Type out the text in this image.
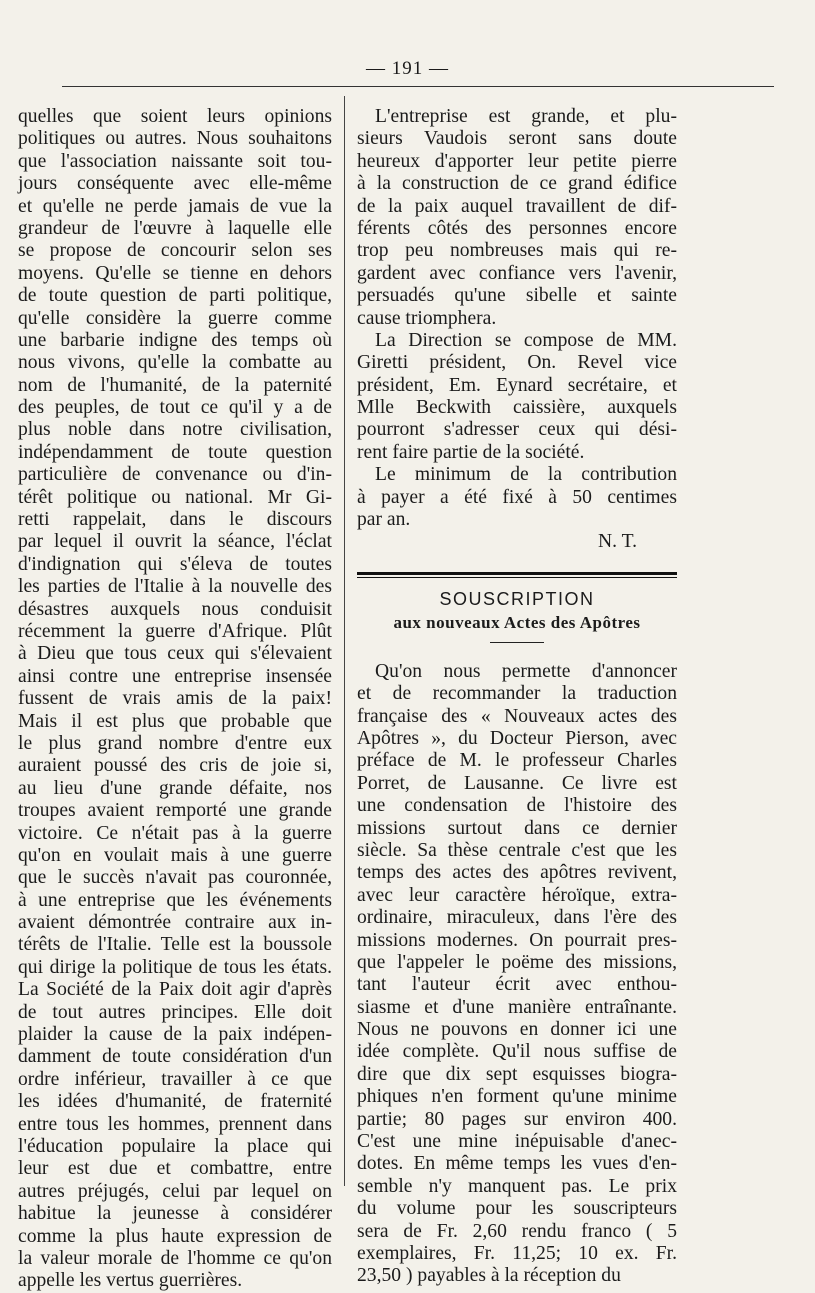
— 191 —
quelles que soient leurs opinions
politiques ou autres. Nous souhaitons
que l'association naissante soit tou-
jours conséquente avec elle-même
et qu'elle ne perde jamais de vue la
grandeur de l'œuvre à laquelle elle
se propose de concourir selon ses
moyens. Qu'elle se tienne en dehors
de toute question de parti politique,
qu'elle considère la guerre comme
une barbarie indigne des temps où
nous vivons, qu'elle la combatte au
nom de l'humanité, de la paternité
des peuples, de tout ce qu'il y a de
plus noble dans notre civilisation,
indépendamment de toute question
particulière de convenance ou d'in-
térêt politique ou national. Mr Gi-
retti rappelait, dans le discours
par lequel il ouvrit la séance, l'éclat
d'indignation qui s'éleva de toutes
les parties de l'Italie à la nouvelle des
désastres auxquels nous conduisit
récemment la guerre d'Afrique. Plût
à Dieu que tous ceux qui s'élevaient
ainsi contre une entreprise insensée
fussent de vrais amis de la paix!
Mais il est plus que probable que
le plus grand nombre d'entre eux
auraient poussé des cris de joie si,
au lieu d'une grande défaite, nos
troupes avaient remporté une grande
victoire. Ce n'était pas à la guerre
qu'on en voulait mais à une guerre
que le succès n'avait pas couronnée,
à une entreprise que les événements
avaient démontrée contraire aux in-
térêts de l'Italie. Telle est la boussole
qui dirige la politique de tous les états.
La Société de la Paix doit agir d'après
de tout autres principes. Elle doit
plaider la cause de la paix indépen-
damment de toute considération d'un
ordre inférieur, travailler à ce que
les idées d'humanité, de fraternité
entre tous les hommes, prennent dans
l'éducation populaire la place qui
leur est due et combattre, entre
autres préjugés, celui par lequel on
habitue la jeunesse à considérer
comme la plus haute expression de
la valeur morale de l'homme ce qu'on
appelle les vertus guerrières.
L'entreprise est grande, et plu-
sieurs Vaudois seront sans doute
heureux d'apporter leur petite pierre
à la construction de ce grand édifice
de la paix auquel travaillent de dif-
férents côtés des personnes encore
trop peu nombreuses mais qui re-
gardent avec confiance vers l'avenir,
persuadés qu'une sibelle et sainte
cause triomphera.
La Direction se compose de MM.
Giretti président, On. Revel vice
président, Em. Eynard secrétaire, et
Mlle Beckwith caissière, auxquels
pourront s'adresser ceux qui dési-
rent faire partie de la société.
Le minimum de la contribution
à payer a été fixé à 50 centimes
par an.
N. T.
SOUSCRIPTION
aux nouveaux Actes des Apôtres
Qu'on nous permette d'annoncer
et de recommander la traduction
française des « Nouveaux actes des
Apôtres », du Docteur Pierson, avec
préface de M. le professeur Charles
Porret, de Lausanne. Ce livre est
une condensation de l'histoire des
missions surtout dans ce dernier
siècle. Sa thèse centrale c'est que les
temps des actes des apôtres revivent,
avec leur caractère héroïque, extra-
ordinaire, miraculeux, dans l'ère des
missions modernes. On pourrait pres-
que l'appeler le poëme des missions,
tant l'auteur écrit avec enthou-
siasme et d'une manière entraînante.
Nous ne pouvons en donner ici une
idée complète. Qu'il nous suffise de
dire que dix sept esquisses biogra-
phiques n'en forment qu'une minime
partie; 80 pages sur environ 400.
C'est une mine inépuisable d'anec-
dotes. En même temps les vues d'en-
semble n'y manquent pas. Le prix
du volume pour les souscripteurs
sera de Fr. 2,60 rendu franco ( 5
exemplaires, Fr. 11,25; 10 ex. Fr.
23,50 ) payables à la réception du
